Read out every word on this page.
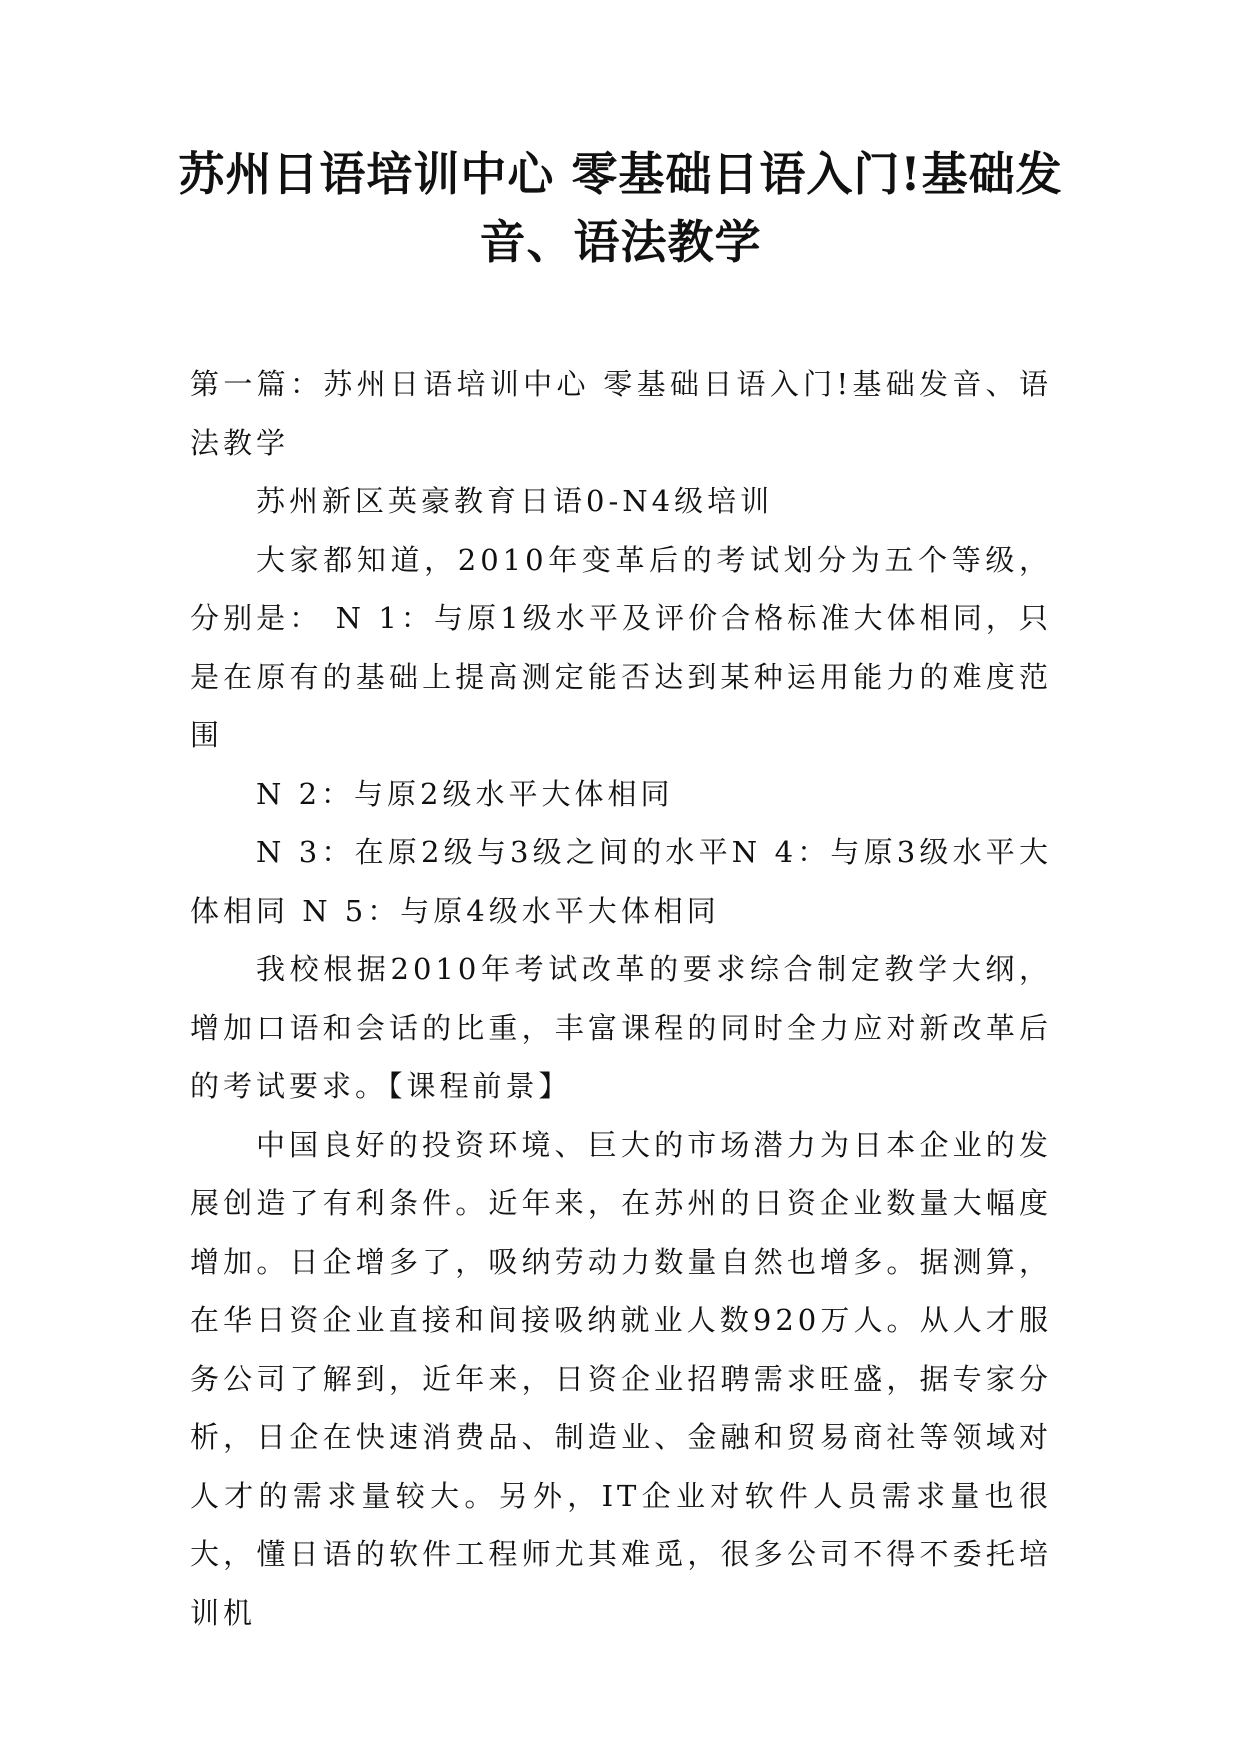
苏州日语培训中心 零基础日语入门!基础发音、语法教学

第一篇：苏州日语培训中心 零基础日语入门!基础发音、语法教学

苏州新区英豪教育日语0-N4级培训

大家都知道，2010年变革后的考试划分为五个等级，分别是： N 1：与原1级水平及评价合格标准大体相同，只是在原有的基础上提高测定能否达到某种运用能力的难度范围

N 2：与原2级水平大体相同

N 3：在原2级与3级之间的水平N 4：与原3级水平大体相同 N 5：与原4级水平大体相同

我校根据2010年考试改革的要求综合制定教学大纲，增加口语和会话的比重，丰富课程的同时全力应对新改革后的考试要求。【课程前景】

中国良好的投资环境、巨大的市场潜力为日本企业的发展创造了有利条件。近年来，在苏州的日资企业数量大幅度增加。日企增多了，吸纳劳动力数量自然也增多。据测算，在华日资企业直接和间接吸纳就业人数920万人。从人才服务公司了解到，近年来，日资企业招聘需求旺盛，据专家分析，日企在快速消费品、制造业、金融和贸易商社等领域对人才的需求量较大。另外，IT企业对软件人员需求量也很大，懂日语的软件工程师尤其难觅，很多公司不得不委托培训机
